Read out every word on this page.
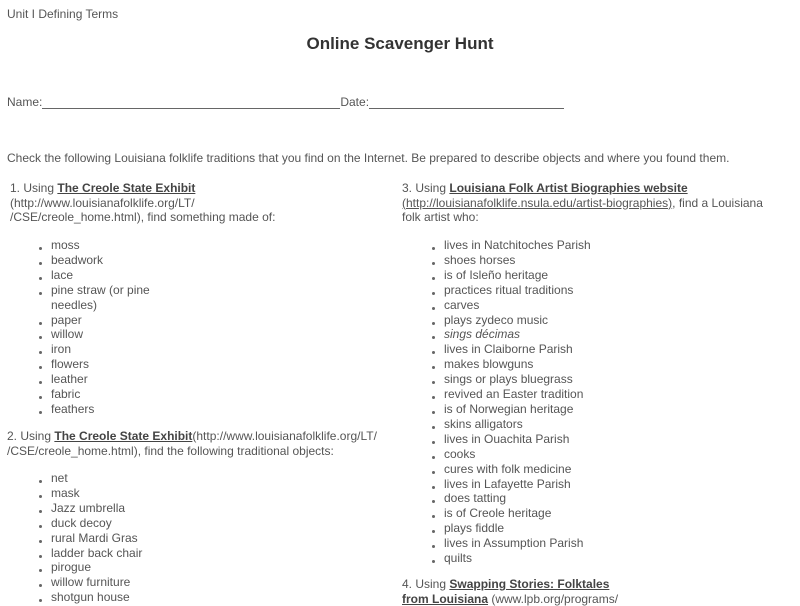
Unit I Defining Terms
Online Scavenger Hunt
Name:	Date:
Check the following Louisiana folklife traditions that you find on the Internet. Be prepared to describe objects and where you found them.
1. Using The Creole State Exhibit
(http://www.louisianafolklife.org/LT/
/CSE/creole_home.html), find something made of:
moss
beadwork
lace
pine straw (or pine needles)
paper
willow
iron
flowers
leather
fabric
feathers
2. Using The Creole State Exhibit(http://www.louisianafolklife.org/LT/
/CSE/creole_home.html), find the following traditional objects:
net
mask
Jazz umbrella
duck decoy
rural Mardi Gras
ladder back chair
pirogue
willow furniture
shotgun house
3. Using Louisiana Folk Artist Biographies website
(http://louisianafolklife.nsula.edu/artist-biographies), find a Louisiana
folk artist who:
lives in Natchitoches Parish
shoes horses
is of Isleño heritage
practices ritual traditions
carves
plays zydeco music
sings décimas
lives in Claiborne Parish
makes blowguns
sings or plays bluegrass
revived an Easter tradition
is of Norwegian heritage
skins alligators
lives in Ouachita Parish
cooks
cures with folk medicine
lives in Lafayette Parish
does tatting
is of Creole heritage
plays fiddle
lives in Assumption Parish
quilts
4. Using Swapping Stories: Folktales
from Louisiana (www.lpb.org/programs/
